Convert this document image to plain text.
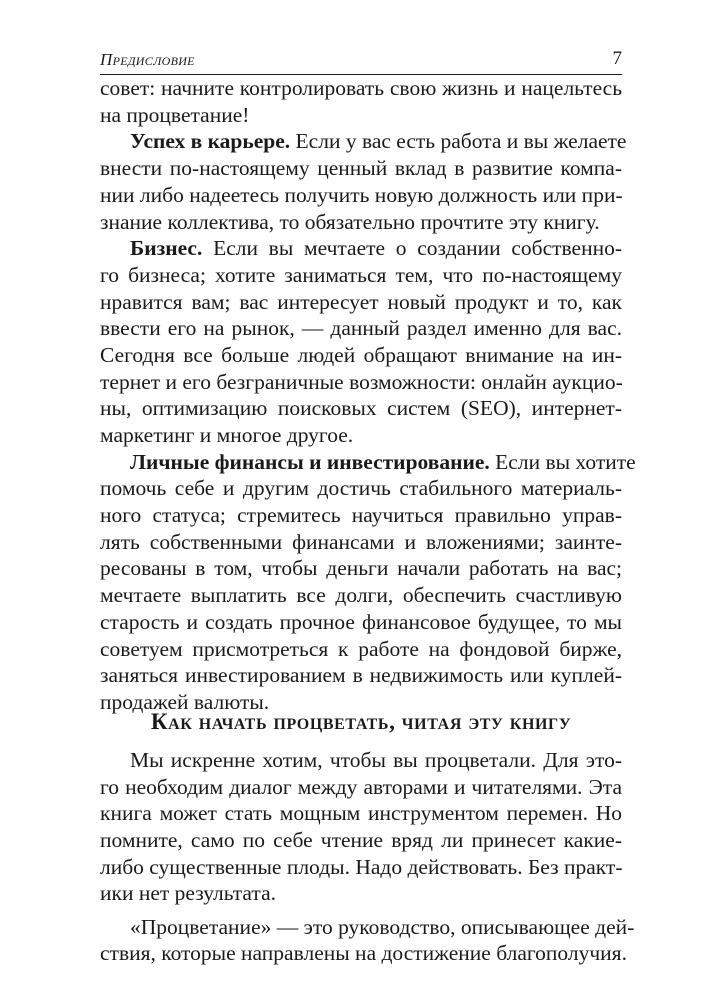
Предисловие	7
совет: начните контролировать свою жизнь и нацельтесь
на процветание!
Успех в карьере. Если у вас есть работа и вы желаете
внести по-настоящему ценный вклад в развитие компа-
нии либо надеетесь получить новую должность или при-
знание коллектива, то обязательно прочтите эту книгу.
Бизнес. Если вы мечтаете о создании собственно-
го бизнеса; хотите заниматься тем, что по-настоящему
нравится вам; вас интересует новый продукт и то, как
ввести его на рынок, — данный раздел именно для вас.
Сегодня все больше людей обращают внимание на ин-
тернет и его безграничные возможности: онлайн аукцио-
ны, оптимизацию поисковых систем (SEO), интернет-
маркетинг и многое другое.
Личные финансы и инвестирование. Если вы хотите
помочь себе и другим достичь стабильного материаль-
ного статуса; стремитесь научиться правильно управ-
лять собственными финансами и вложениями; заинте-
ресованы в том, чтобы деньги начали работать на вас;
мечтаете выплатить все долги, обеспечить счастливую
старость и создать прочное финансовое будущее, то мы
советуем присмотреться к работе на фондовой бирже,
заняться инвестированием в недвижимость или куплей-
Как начать процветать, читая эту книгу
Мы искренне хотим, чтобы вы процветали. Для это-
го необходим диалог между авторами и читателями. Эта
книга может стать мощным инструментом перемен. Но
помните, само по себе чтение вряд ли принесет какие-
либо существенные плоды. Надо действовать. Без практ-
ики нет результата.
«Процветание» — это руководство, описывающее дей-
ствия, которые направлены на достижение благополучия.
продажей валюты.
